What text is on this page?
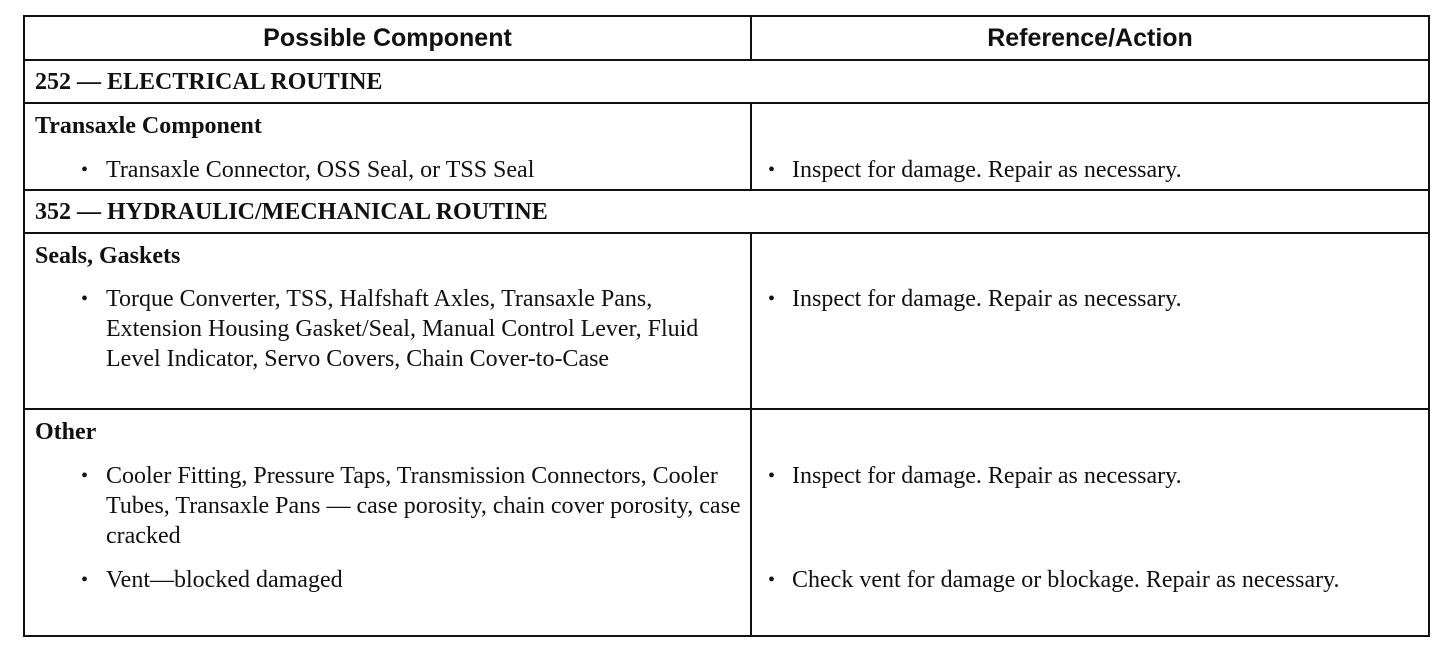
Possible Component	Reference/Action
252 — ELECTRICAL ROUTINE
Transaxle Component
• Transaxle Connector, OSS Seal, or TSS Seal	• Inspect for damage. Repair as necessary.
352 — HYDRAULIC/MECHANICAL ROUTINE
Seals, Gaskets
• Torque Converter, TSS, Halfshaft Axles, Transaxle Pans, Extension Housing Gasket/Seal, Manual Control Lever, Fluid Level Indicator, Servo Covers, Chain Cover-to-Case
• Inspect for damage. Repair as necessary.
Other
• Cooler Fitting, Pressure Taps, Transmission Connectors, Cooler Tubes, Transaxle Pans — case porosity, chain cover porosity, case cracked
• Vent—blocked damaged
• Inspect for damage. Repair as necessary.
• Check vent for damage or blockage. Repair as necessary.
